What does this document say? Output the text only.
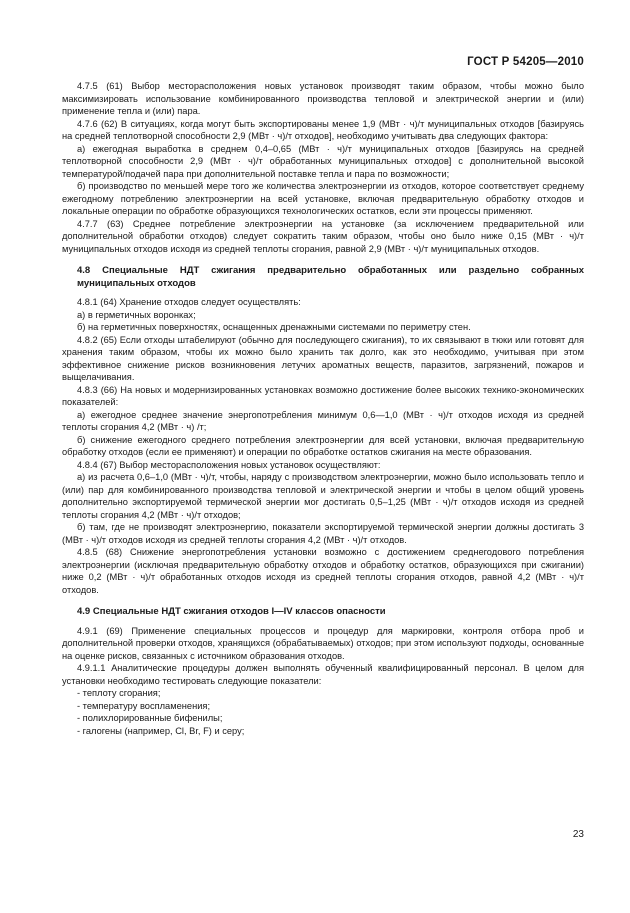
ГОСТ Р 54205—2010

4.7.5 (61) Выбор месторасположения новых установок производят таким образом, чтобы можно было максимизировать использование комбинированного производства тепловой и электрической энергии и (или) применение тепла и (или) пара.

4.7.6 (62) В ситуациях, когда могут быть экспортированы менее 1,9 (МВт · ч)/т муниципальных отходов [базируясь на средней теплотворной способности 2,9 (МВт · ч)/т отходов], необходимо учитывать два следующих фактора:

а) ежегодная выработка в среднем 0,4–0,65 (МВт · ч)/т муниципальных отходов [базируясь на средней теплотворной способности 2,9 (МВт · ч)/т обработанных муниципальных отходов] с дополнительной высокой температурой/подачей пара при дополнительной поставке тепла и пара по возможности;

б) производство по меньшей мере того же количества электроэнергии из отходов, которое соответствует среднему ежегодному потреблению электроэнергии на всей установке, включая предварительную обработку отходов и локальные операции по обработке образующихся технологических остатков, если эти процессы применяют.

4.7.7 (63) Среднее потребление электроэнергии на установке (за исключением предварительной или дополнительной обработки отходов) следует сократить таким образом, чтобы оно было ниже 0,15 (МВт · ч)/т муниципальных отходов исходя из средней теплоты сгорания, равной 2,9 (МВт · ч)/т муниципальных отходов.

4.8 Специальные НДТ сжигания предварительно обработанных или раздельно собранных муниципальных отходов

4.8.1 (64) Хранение отходов следует осуществлять:

а) в герметичных воронках;

б) на герметичных поверхностях, оснащенных дренажными системами по периметру стен.

4.8.2 (65) Если отходы штабелируют (обычно для последующего сжигания), то их связывают в тюки или готовят для хранения таким образом, чтобы их можно было хранить так долго, как это необходимо, учитывая при этом эффективное снижение рисков возникновения летучих ароматных веществ, паразитов, загрязнений, пожаров и выщелачивания.

4.8.3 (66) На новых и модернизированных установках возможно достижение более высоких технико-экономических показателей:

а) ежегодное среднее значение энергопотребления минимум 0,6—1,0 (МВт · ч)/т отходов исходя из средней теплоты сгорания 4,2 (МВт · ч) /т;

б) снижение ежегодного среднего потребления электроэнергии для всей установки, включая предварительную обработку отходов (если ее применяют) и операции по обработке остатков сжигания на месте образования.

4.8.4 (67) Выбор месторасположения новых установок осуществляют:

а) из расчета 0,6–1,0 (МВт · ч)/т, чтобы, наряду с производством электроэнергии, можно было использовать тепло и (или) пар для комбинированного производства тепловой и электрической энергии и чтобы в целом общий уровень дополнительно экспортируемой термической энергии мог достигать 0,5–1,25 (МВт · ч)/т отходов исходя из средней теплоты сгорания 4,2 (МВт · ч)/т отходов;

б) там, где не производят электроэнергию, показатели экспортируемой термической энергии должны достигать 3 (МВт · ч)/т отходов исходя из средней теплоты сгорания 4,2 (МВт · ч)/т отходов.

4.8.5 (68) Снижение энергопотребления установки возможно с достижением среднегодового потребления электроэнергии (исключая предварительную обработку отходов и обработку остатков, образующихся при сжигании) ниже 0,2 (МВт · ч)/т обработанных отходов исходя из средней теплоты сгорания отходов, равной 4,2 (МВт · ч)/т отходов.

4.9 Специальные НДТ сжигания отходов I—IV классов опасности

4.9.1 (69) Применение специальных процессов и процедур для маркировки, контроля отбора проб и дополнительной проверки отходов, хранящихся (обрабатываемых) отходов; при этом используют подходы, основанные на оценке рисков, связанных с источником образования отходов.

4.9.1.1 Аналитические процедуры должен выполнять обученный квалифицированный персонал. В целом для установки необходимо тестировать следующие показатели:

- теплоту сгорания;

- температуру воспламенения;

- полихлорированные бифенилы;

- галогены (например, Cl, Br, F) и серу;

23
